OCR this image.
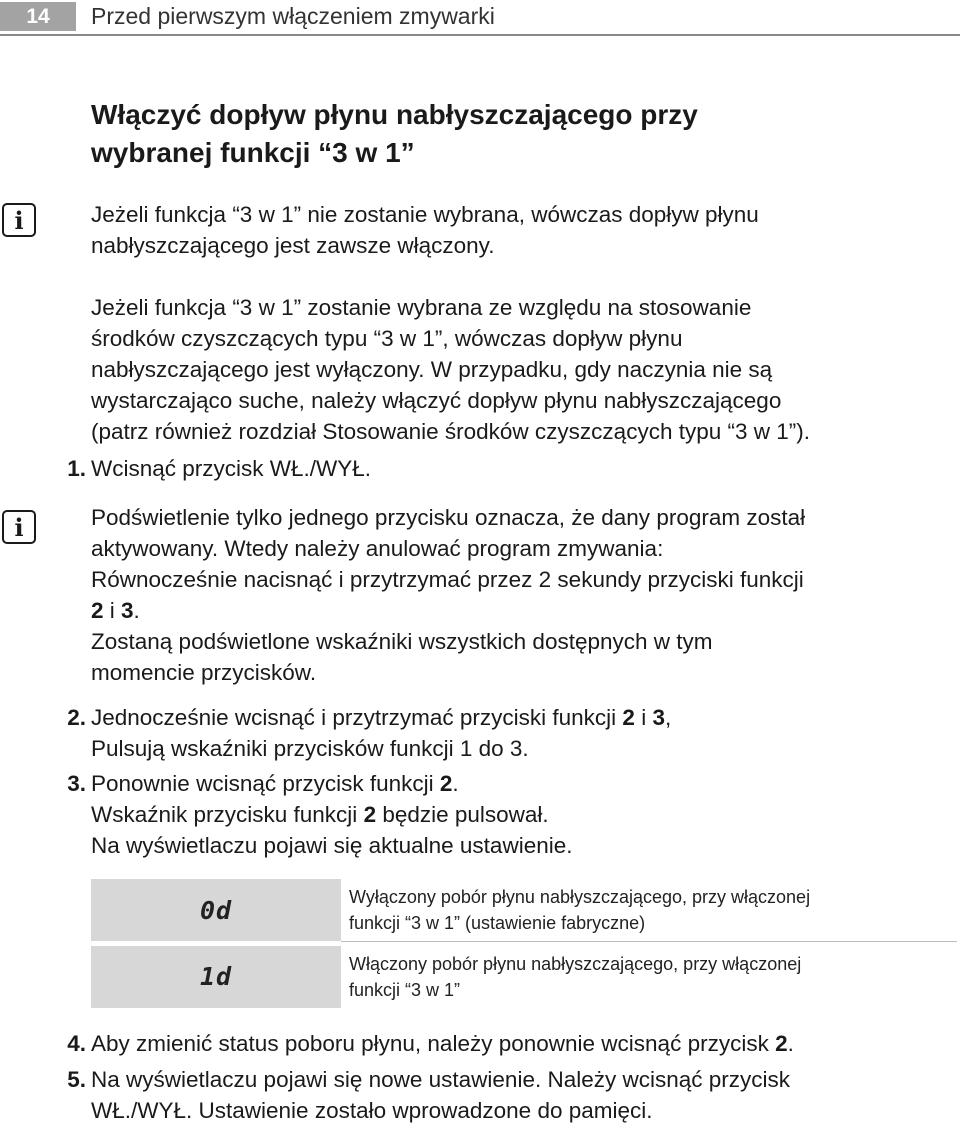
14	Przed pierwszym włączeniem zmywarki
Włączyć dopływ płynu nabłyszczającego przy
wybranej funkcji “3 w 1”
i	Jeżeli funkcja “3 w 1” nie zostanie wybrana, wówczas dopływ płynu
nabłyszczającego jest zawsze włączony.
Jeżeli funkcja “3 w 1” zostanie wybrana ze względu na stosowanie
środków czyszczących typu “3 w 1”, wówczas dopływ płynu
nabłyszczającego jest wyłączony. W przypadku, gdy naczynia nie są
wystarczająco suche, należy włączyć dopływ płynu nabłyszczającego
(patrz również rozdział Stosowanie środków czyszczących typu “3 w 1”).
1. Wcisnąć przycisk WŁ./WYŁ.
i	Podświetlenie tylko jednego przycisku oznacza, że dany program został
aktywowany. Wtedy należy anulować program zmywania:
Równocześnie nacisnąć i przytrzymać przez 2 sekundy przyciski funkcji
2 i 3.
Zostaną podświetlone wskaźniki wszystkich dostępnych w tym
momencie przycisków.
2. Jednocześnie wcisnąć i przytrzymać przyciski funkcji 2 i 3,
Pulsują wskaźniki przycisków funkcji 1 do 3.
3. Ponownie wcisnąć przycisk funkcji 2.
Wskaźnik przycisku funkcji 2 będzie pulsował.
Na wyświetlaczu pojawi się aktualne ustawienie.
0d	Wyłączony pobór płynu nabłyszczającego, przy włączonej
funkcji “3 w 1” (ustawienie fabryczne)

1d	Włączony pobór płynu nabłyszczającego, przy włączonej
funkcji “3 w 1”
4. Aby zmienić status poboru płynu, należy ponownie wcisnąć przycisk 2.
5. Na wyświetlaczu pojawi się nowe ustawienie. Należy wcisnąć przycisk
WŁ./WYŁ. Ustawienie zostało wprowadzone do pamięci.
